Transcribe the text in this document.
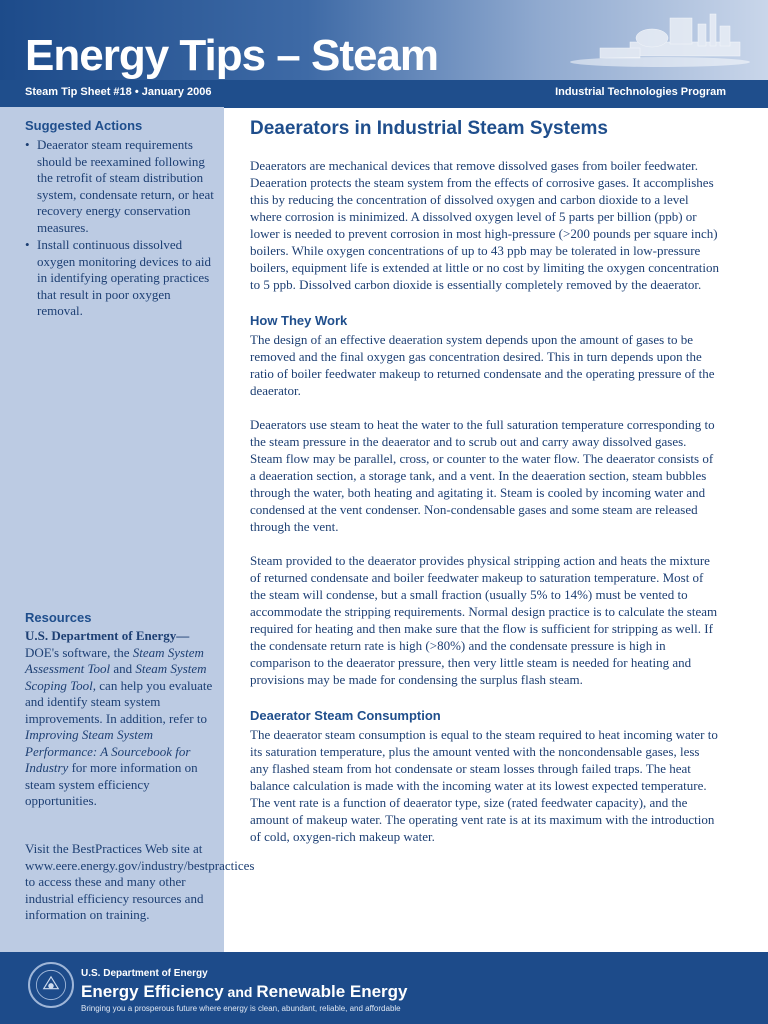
Energy Tips – Steam
Steam Tip Sheet #18 • January 2006	Industrial Technologies Program
Suggested Actions
• Deaerator steam requirements should be reexamined following the retrofit of steam distribution system, condensate return, or heat recovery energy conservation measures.
• Install continuous dissolved oxygen monitoring devices to aid in identifying operating practices that result in poor oxygen removal.
Resources

U.S. Department of Energy—
DOE's software, the Steam System Assessment Tool and Steam System Scoping Tool, can help you evaluate and identify steam system improvements. In addition, refer to Improving Steam System Performance: A Sourcebook for Industry for more information on steam system efficiency opportunities.

Visit the BestPractices Web site at www.eere.energy.gov/industry/bestpractices to access these and many other industrial efficiency resources and information on training.
Deaerators in Industrial Steam Systems

Deaerators are mechanical devices that remove dissolved gases from boiler feedwater. Deaeration protects the steam system from the effects of corrosive gases. It accomplishes this by reducing the concentration of dissolved oxygen and carbon dioxide to a level where corrosion is minimized. A dissolved oxygen level of 5 parts per billion (ppb) or lower is needed to prevent corrosion in most high-pressure (>200 pounds per square inch) boilers. While oxygen concentrations of up to 43 ppb may be tolerated in low-pressure boilers, equipment life is extended at little or no cost by limiting the oxygen concentration to 5 ppb. Dissolved carbon dioxide is essentially completely removed by the deaerator.

How They Work

The design of an effective deaeration system depends upon the amount of gases to be removed and the final oxygen gas concentration desired. This in turn depends upon the ratio of boiler feedwater makeup to returned condensate and the operating pressure of the deaerator.

Deaerators use steam to heat the water to the full saturation temperature corresponding to the steam pressure in the deaerator and to scrub out and carry away dissolved gases. Steam flow may be parallel, cross, or counter to the water flow. The deaerator consists of a deaeration section, a storage tank, and a vent. In the deaeration section, steam bubbles through the water, both heating and agitating it. Steam is cooled by incoming water and condensed at the vent condenser. Non-condensable gases and some steam are released through the vent.

Steam provided to the deaerator provides physical stripping action and heats the mixture of returned condensate and boiler feedwater makeup to saturation temperature. Most of the steam will condense, but a small fraction (usually 5% to 14%) must be vented to accommodate the stripping requirements. Normal design practice is to calculate the steam required for heating and then make sure that the flow is sufficient for stripping as well. If the condensate return rate is high (>80%) and the condensate pressure is high in comparison to the deaerator pressure, then very little steam is needed for heating and provisions may be made for condensing the surplus flash steam.

Deaerator Steam Consumption

The deaerator steam consumption is equal to the steam required to heat incoming water to its saturation temperature, plus the amount vented with the noncondensable gases, less any flashed steam from hot condensate or steam losses through failed traps. The heat balance calculation is made with the incoming water at its lowest expected temperature. The vent rate is a function of deaerator type, size (rated feedwater capacity), and the amount of makeup water. The operating vent rate is at its maximum with the introduction of cold, oxygen-rich makeup water.

U.S. Department of Energy
Energy Efficiency and Renewable Energy
Bringing you a prosperous future where energy is clean, abundant, reliable, and affordable
